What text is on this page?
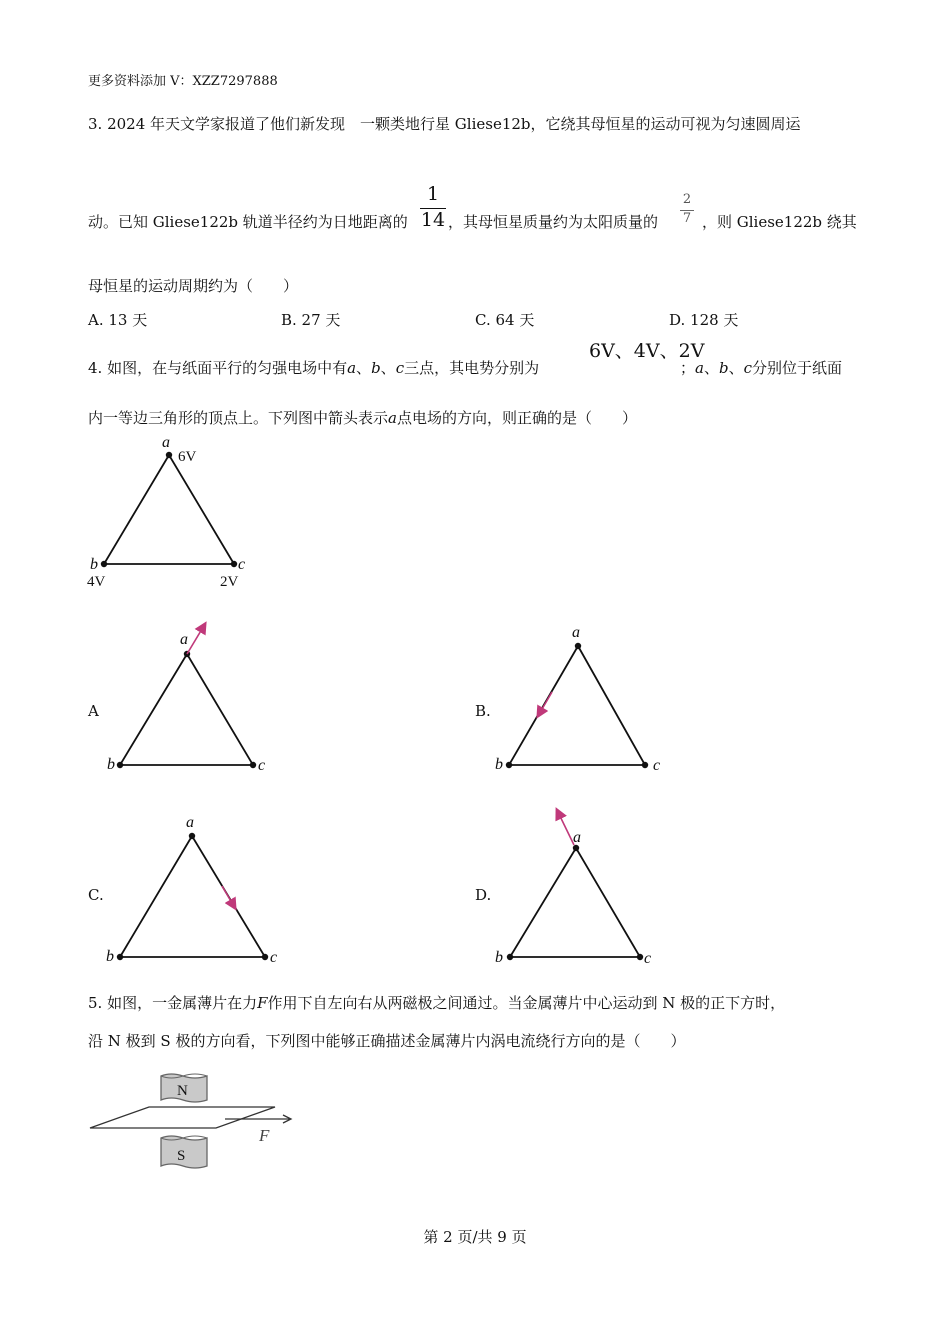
更多资料添加 V：XZZ7297888
3. 2024 年天文学家报道了他们新发现　一颗类地行星 Gliese12b，它绕其母恒星的运动可视为匀速圆周运
动。已知 Gliese122b 轨道半径约为日地距离的 $\frac{1}{14}$ ，其母恒星质量约为太阳质量的 $\frac{2}{7}$ ，则 Gliese122b 绕其
母恒星的运动周期约为（　　）
A. 13 天	B. 27 天	C. 64 天	D. 128 天
4. 如图，在与纸面平行的匀强电场中有a、b、c三点，其电势分别为
6V、4V、2V
；a、b、c分别位于纸面
内一等边三角形的顶点上。下列图中箭头表示a点电场的方向，则正确的是（　　）
a
6V
b
4V
c
2V
A	B.
C.	D.
a
b	c
a
b	c
a
b	c
a
b	c
5. 如图，一金属薄片在力F作用下自左向右从两磁极之间通过。当金属薄片中心运动到 N 极的正下方时，
沿 N 极到 S 极的方向看，下列图中能够正确描述金属薄片内涡电流绕行方向的是（　　）
N
F
S
第 2 页/共 9 页
